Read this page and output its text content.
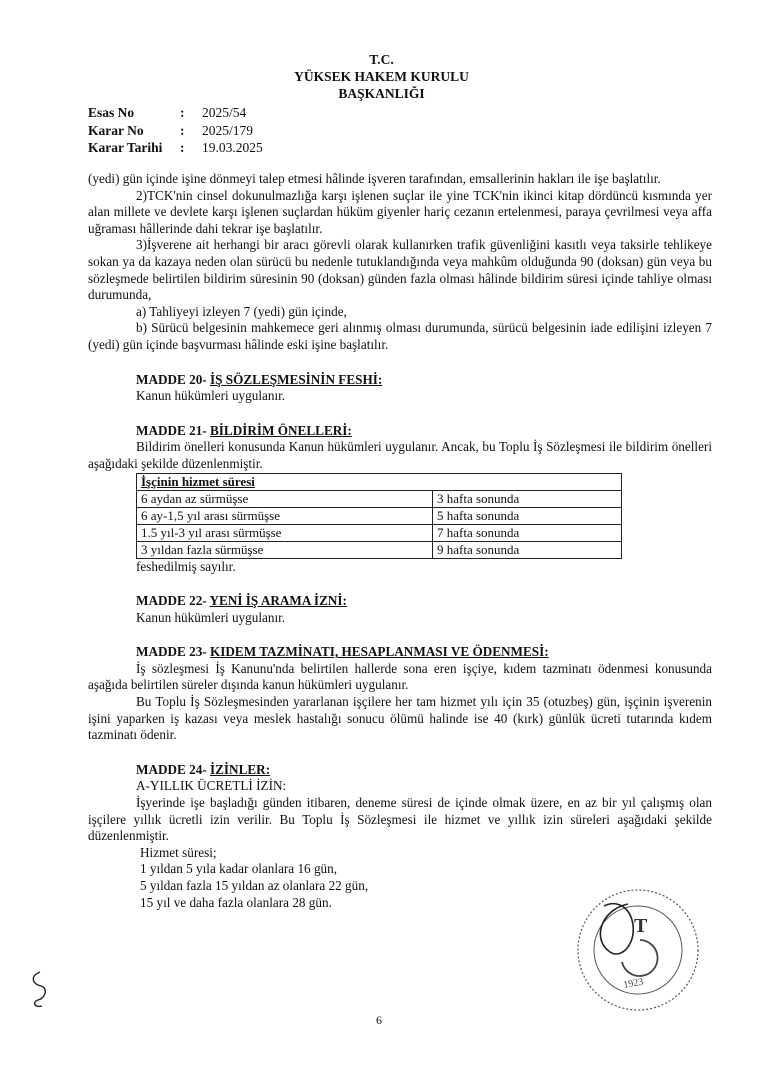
T.C.
YÜKSEK HAKEM KURULU
BAŞKANLIĞI
Esas No	:	2025/54
Karar No	:	2025/179
Karar Tarihi	:	19.03.2025

(yedi) gün içinde işine dönmeyi talep etmesi hâlinde işveren tarafından, emsallerinin hakları ile işe başlatılır.

2)TCK'nin cinsel dokunulmazlığa karşı işlenen suçlar ile yine TCK'nin ikinci kitap dördüncü kısmında yer alan millete ve devlete karşı işlenen suçlardan hüküm giyenler hariç cezanın ertelenmesi, paraya çevrilmesi veya affa uğraması hâllerinde dahi tekrar işe başlatılır.

3)İşverene ait herhangi bir aracı görevli olarak kullanırken trafik güvenliğini kasıtlı veya taksirle tehlikeye sokan ya da kazaya neden olan sürücü bu nedenle tutuklandığında veya mahkûm olduğunda 90 (doksan) gün veya bu sözleşmede belirtilen bildirim süresinin 90 (doksan) günden fazla olması hâlinde bildirim süresi içinde tahliye olması durumunda,

a) Tahliyeyi izleyen 7 (yedi) gün içinde,

b) Sürücü belgesinin mahkemece geri alınmış olması durumunda, sürücü belgesinin iade edilişini izleyen 7 (yedi) gün içinde başvurması hâlinde eski işine başlatılır.

MADDE 20- İŞ SÖZLEŞMESİNİN FESHİ:

Kanun hükümleri uygulanır.

MADDE 21- BİLDİRİM ÖNELLERİ:

Bildirim önelleri konusunda Kanun hükümleri uygulanır. Ancak, bu Toplu İş Sözleşmesi ile bildirim önelleri aşağıdaki şekilde düzenlenmiştir.

İşçinin hizmet süresi	
6 aydan az sürmüşse	3 hafta sonunda
6 ay-1,5 yıl arası sürmüşse	5 hafta sonunda
1.5 yıl-3 yıl arası sürmüşse	7 hafta sonunda
3 yıldan fazla sürmüşse	9 hafta sonunda

feshedilmiş sayılır.

MADDE 22- YENİ İŞ ARAMA İZNİ:

Kanun hükümleri uygulanır.

MADDE 23- KIDEM TAZMİNATI, HESAPLANMASI VE ÖDENMESİ:

İş sözleşmesi İş Kanunu'nda belirtilen hallerde sona eren işçiye, kıdem tazminatı ödenmesi konusunda aşağıda belirtilen süreler dışında kanun hükümleri uygulanır.

Bu Toplu İş Sözleşmesinden yararlanan işçilere her tam hizmet yılı için 35 (otuzbeş) gün, işçinin işverenin işini yaparken iş kazası veya meslek hastalığı sonucu ölümü halinde ise 40 (kırk) günlük ücreti tutarında kıdem tazminatı ödenir.

MADDE 24- İZİNLER:

A-YILLIK ÜCRETLİ İZİN:

İşyerinde işe başladığı günden itibaren, deneme süresi de içinde olmak üzere, en az bir yıl çalışmış olan işçilere yıllık ücretli izin verilir. Bu Toplu İş Sözleşmesi ile hizmet ve yıllık izin süreleri aşağıdaki şekilde düzenlenmiştir.

Hizmet süresi;

1 yıldan 5 yıla kadar olanlara 16 gün,

5 yıldan fazla 15 yıldan az olanlara 22 gün,

15 yıl ve daha fazla olanlara 28 gün.

T
1923
6
